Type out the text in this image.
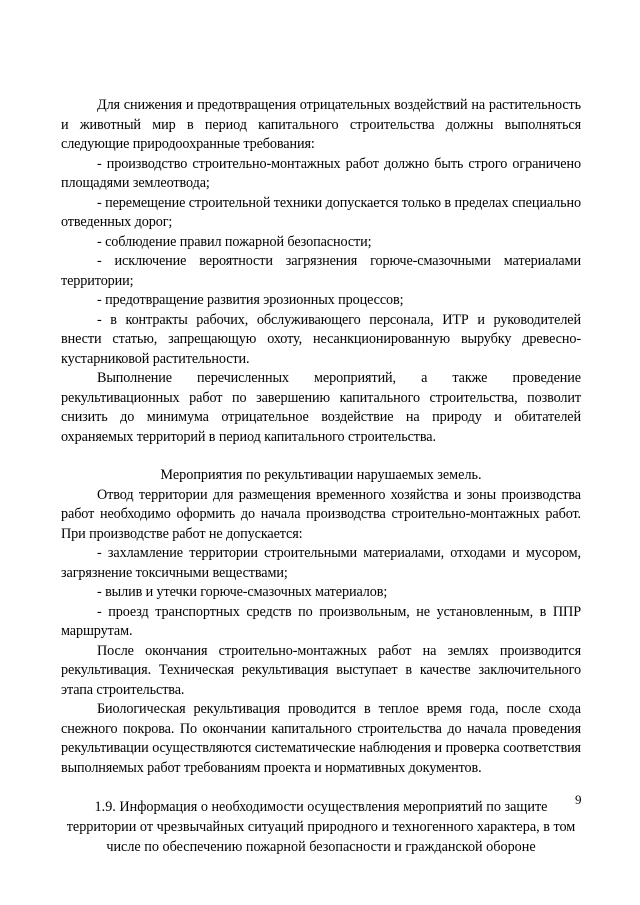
Для снижения и предотвращения отрицательных воздействий на растительность и животный мир в период капитального строительства должны выполняться следующие природоохранные требования:

- производство строительно-монтажных работ должно быть строго ограничено площадями землеотвода;

- перемещение строительной техники допускается только в пределах специально отведенных дорог;

- соблюдение правил пожарной безопасности;

- исключение вероятности загрязнения горюче-смазочными материалами территории;

- предотвращение развития эрозионных процессов;

- в контракты рабочих, обслуживающего персонала, ИТР и руководителей внести статью, запрещающую охоту, несанкционированную вырубку древесно-кустарниковой растительности.

Выполнение перечисленных мероприятий, а также проведение рекультивационных работ по завершению капитального строительства, позволит снизить до минимума отрицательное воздействие на природу и обитателей охраняемых территорий в период капитального строительства.

Мероприятия по рекультивации нарушаемых земель.

Отвод территории для размещения временного хозяйства и зоны производства работ необходимо оформить до начала производства строительно-монтажных работ. При производстве работ не допускается:

- захламление территории строительными материалами, отходами и мусором, загрязнение токсичными веществами;

- вылив и утечки горюче-смазочных материалов;

- проезд транспортных средств по произвольным, не установленным, в ППР маршрутам.

После окончания строительно-монтажных работ на землях производится рекультивация. Техническая рекультивация выступает в качестве заключительного этапа строительства.

Биологическая рекультивация проводится в теплое время года, после схода снежного покрова. По окончании капитального строительства до начала проведения рекультивации осуществляются систематические наблюдения и проверка соответствия выполняемых работ требованиям проекта и нормативных документов.

1.9. Информация о необходимости осуществления мероприятий по защите территории от чрезвычайных ситуаций природного и техногенного характера, в том числе по обеспечению пожарной безопасности и гражданской обороне

9
